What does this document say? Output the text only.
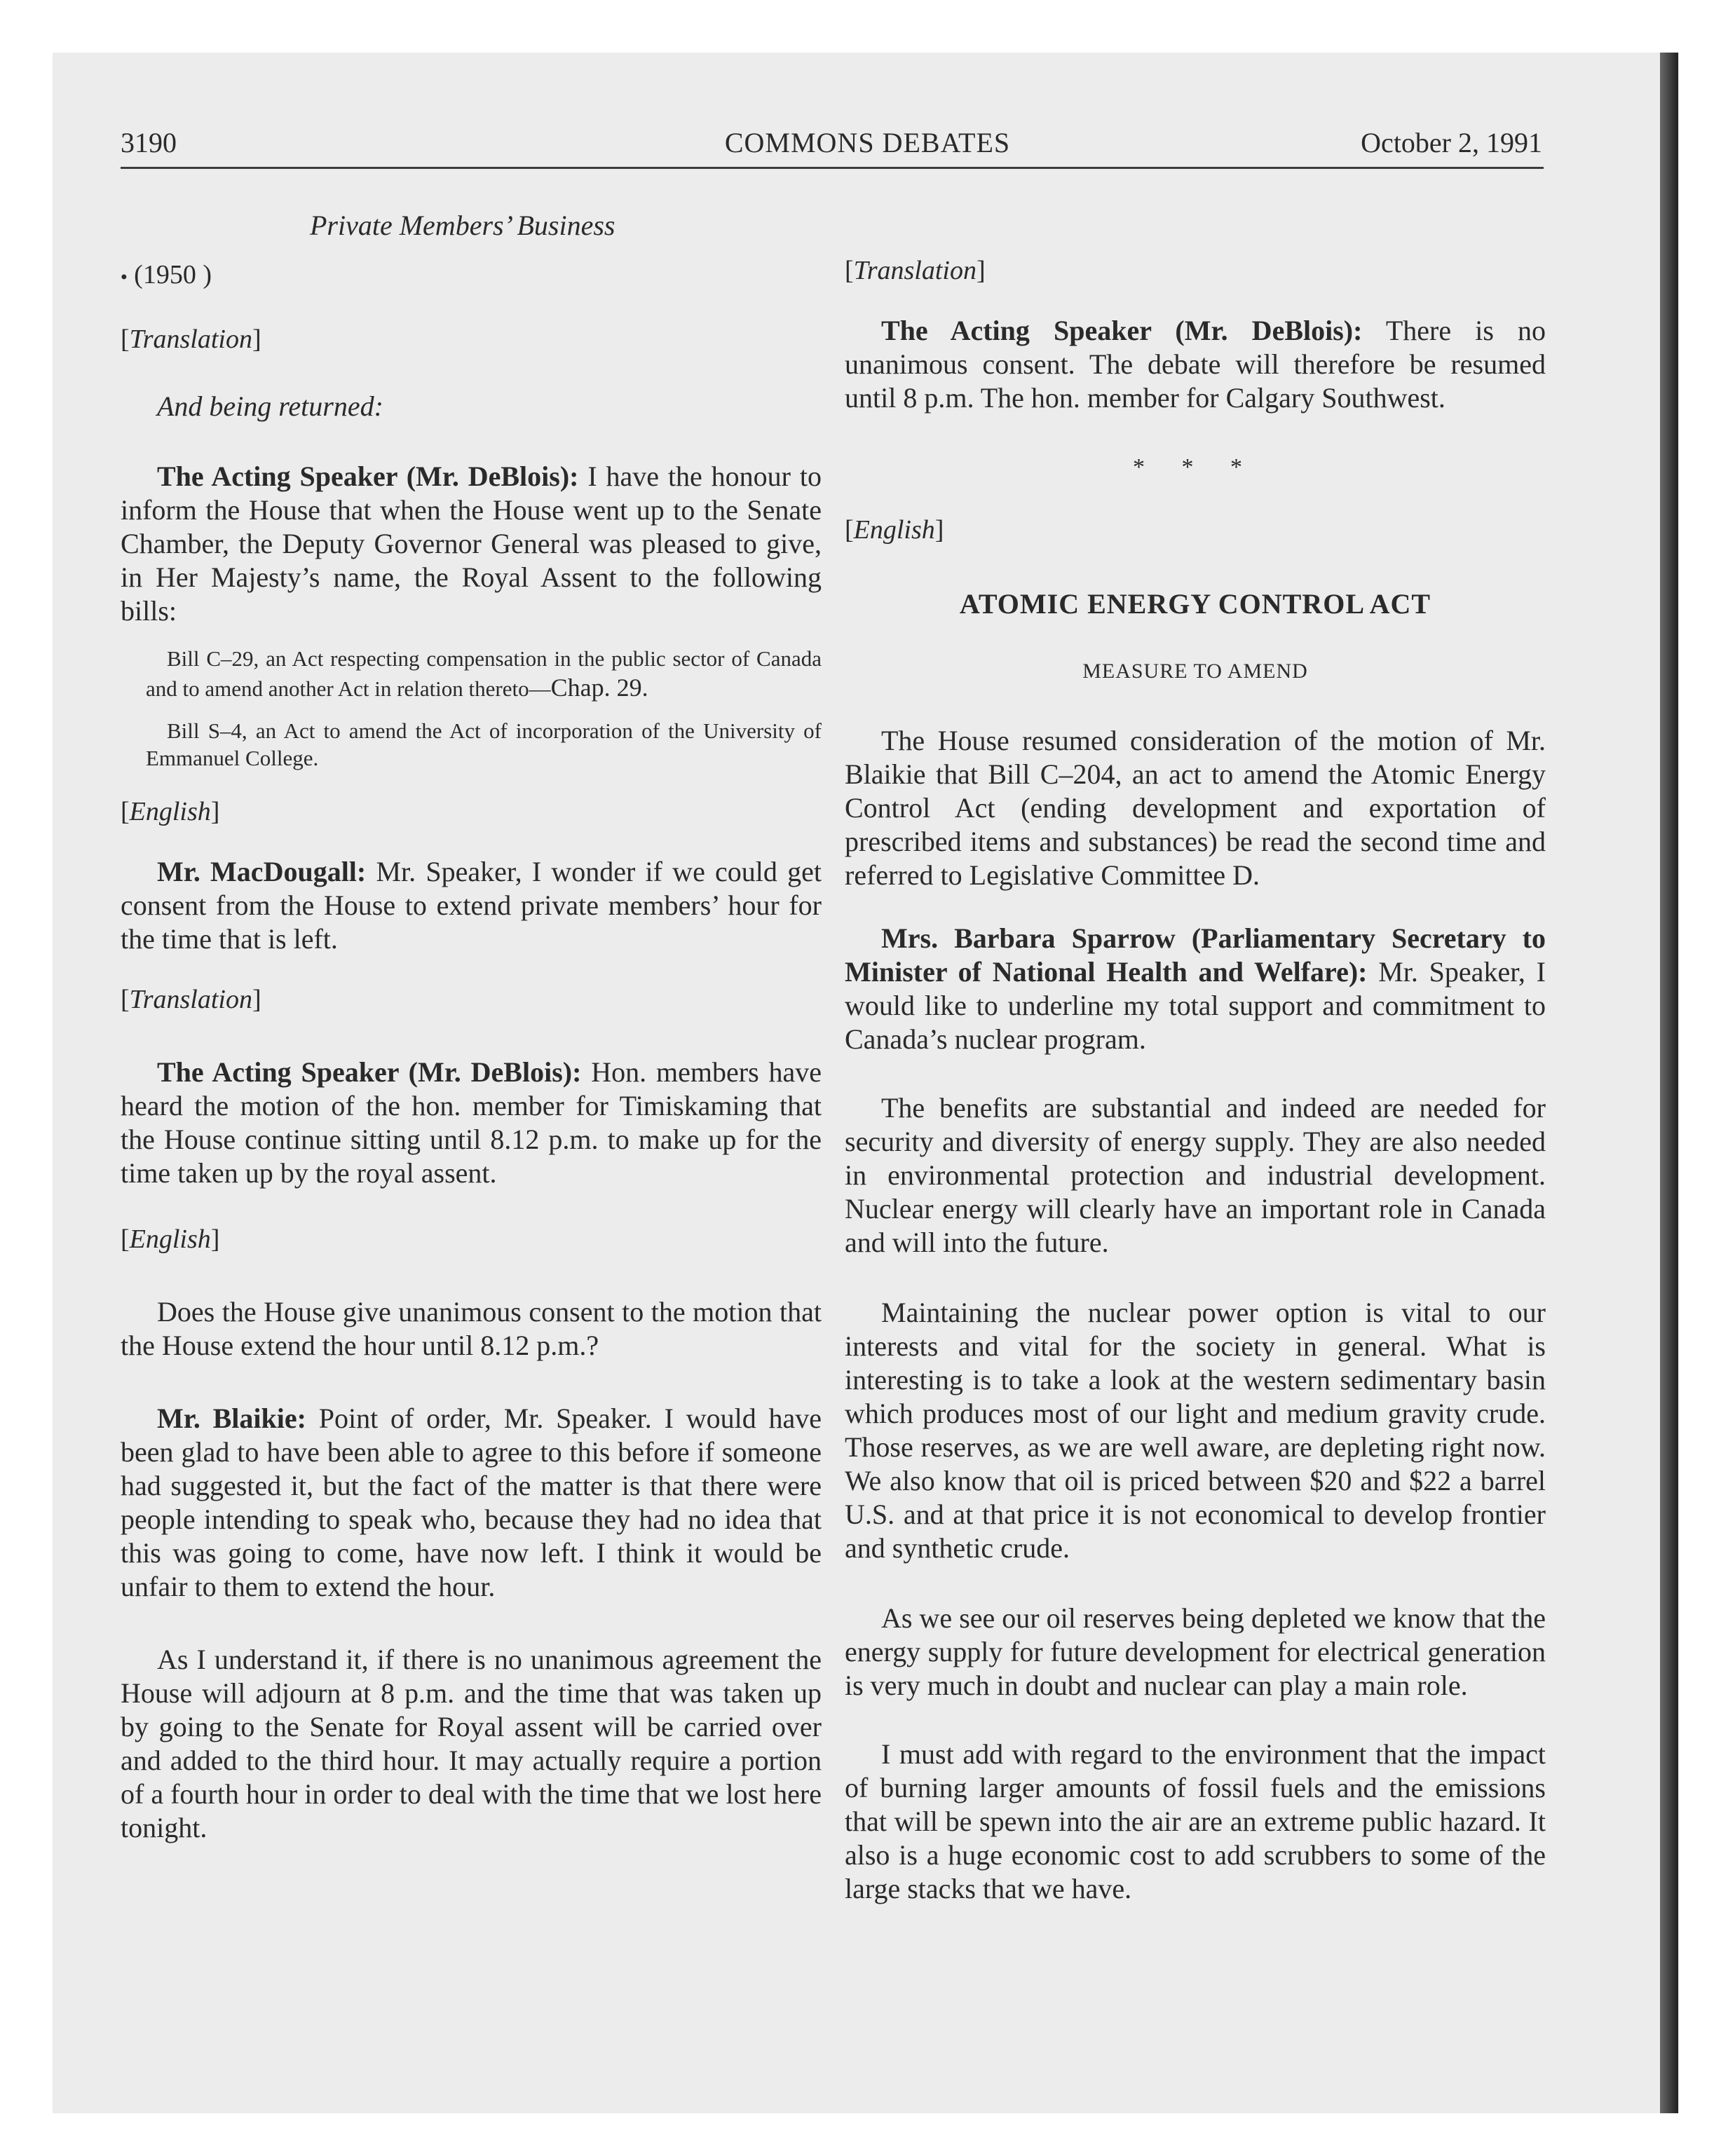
3190	COMMONS DEBATES	October 2, 1991

Private Members’ Business

● (1950 )

[Translation]

And being returned:

The Acting Speaker (Mr. DeBlois): I have the honour to inform the House that when the House went up to the Senate Chamber, the Deputy Governor General was pleased to give, in Her Majesty’s name, the Royal Assent to the following bills:

Bill C–29, an Act respecting compensation in the public sector of Canada and to amend another Act in relation thereto—Chap. 29.

Bill S–4, an Act to amend the Act of incorporation of the University of Emmanuel College.

[English]

Mr. MacDougall: Mr. Speaker, I wonder if we could get consent from the House to extend private members’ hour for the time that is left.

[Translation]

The Acting Speaker (Mr. DeBlois): Hon. members have heard the motion of the hon. member for Timiskaming that the House continue sitting until 8.12 p.m. to make up for the time taken up by the royal assent.

[English]

Does the House give unanimous consent to the motion that the House extend the hour until 8.12 p.m.?

Mr. Blaikie: Point of order, Mr. Speaker. I would have been glad to have been able to agree to this before if someone had suggested it, but the fact of the matter is that there were people intending to speak who, because they had no idea that this was going to come, have now left. I think it would be unfair to them to extend the hour.

As I understand it, if there is no unanimous agreement the House will adjourn at 8 p.m. and the time that was taken up by going to the Senate for Royal assent will be carried over and added to the third hour. It may actually require a portion of a fourth hour in order to deal with the time that we lost here tonight.

[Translation]

The Acting Speaker (Mr. DeBlois): There is no unanimous consent. The debate will therefore be resumed until 8 p.m. The hon. member for Calgary Southwest.

* * *

[English]

ATOMIC ENERGY CONTROL ACT

MEASURE TO AMEND

The House resumed consideration of the motion of Mr. Blaikie that Bill C–204, an act to amend the Atomic Energy Control Act (ending development and exportation of prescribed items and substances) be read the second time and referred to Legislative Committee D.

Mrs. Barbara Sparrow (Parliamentary Secretary to Minister of National Health and Welfare): Mr. Speaker, I would like to underline my total support and commitment to Canada’s nuclear program.

The benefits are substantial and indeed are needed for security and diversity of energy supply. They are also needed in environmental protection and industrial development. Nuclear energy will clearly have an important role in Canada and will into the future.

Maintaining the nuclear power option is vital to our interests and vital for the society in general. What is interesting is to take a look at the western sedimentary basin which produces most of our light and medium gravity crude. Those reserves, as we are well aware, are depleting right now. We also know that oil is priced between $20 and $22 a barrel U.S. and at that price it is not economical to develop frontier and synthetic crude.

As we see our oil reserves being depleted we know that the energy supply for future development for electrical generation is very much in doubt and nuclear can play a main role.

I must add with regard to the environment that the impact of burning larger amounts of fossil fuels and the emissions that will be spewn into the air are an extreme public hazard. It also is a huge economic cost to add scrubbers to some of the large stacks that we have.
